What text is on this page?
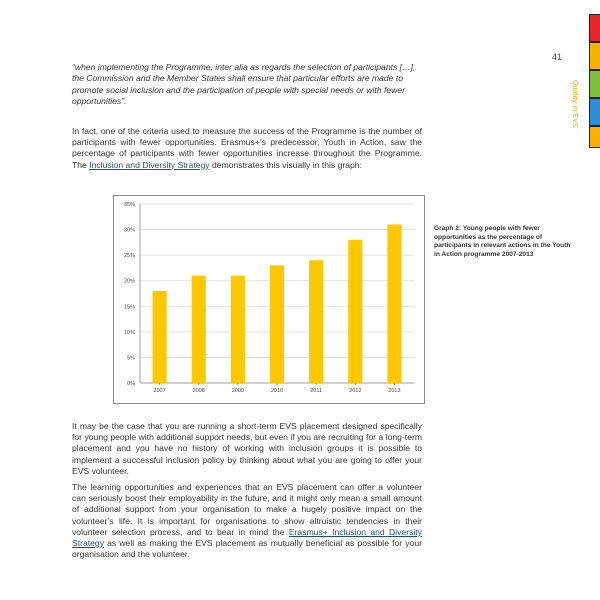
41
Quality in EVS
“when implementing the Programme, inter alia as regards the selection of participants […], the Commission and the Member States shall ensure that particular efforts are made to promote social inclusion and the participation of people with special needs or with fewer opportunities”.
In fact, one of the criteria used to measure the success of the Programme is the number of participants with fewer opportunities. Erasmus+’s predecessor, Youth in Action, saw the percentage of participants with fewer opportunities increase throughout the Programme. The Inclusion and Diversity Strategy demonstrates this visually in this graph:
0%
5%
10%
15%
20%
25%
30%
35%
2007	2008	2009	2010	2011	2012	2013
Graph 2: Young people with fewer opportunities as the percentage of participants in relevant actions in the Youth in Action programme 2007-2013
It may be the case that you are running a short-term EVS placement designed specifically for young people with additional support needs, but even if you are recruiting for a long-term placement and you have no history of working with inclusion groups it is possible to implement a successful inclusion policy by thinking about what you are going to offer your EVS volunteer.
The learning opportunities and experiences that an EVS placement can offer a volunteer can seriously boost their employability in the future, and it might only mean a small amount of additional support from your organisation to make a hugely positive impact on the volunteer’s life. It is important for organisations to show altruistic tendencies in their volunteer selection process, and to bear in mind the Erasmus+ Inclusion and Diversity Strategy as well as making the EVS placement as mutually beneficial as possible for your organisation and the volunteer.
